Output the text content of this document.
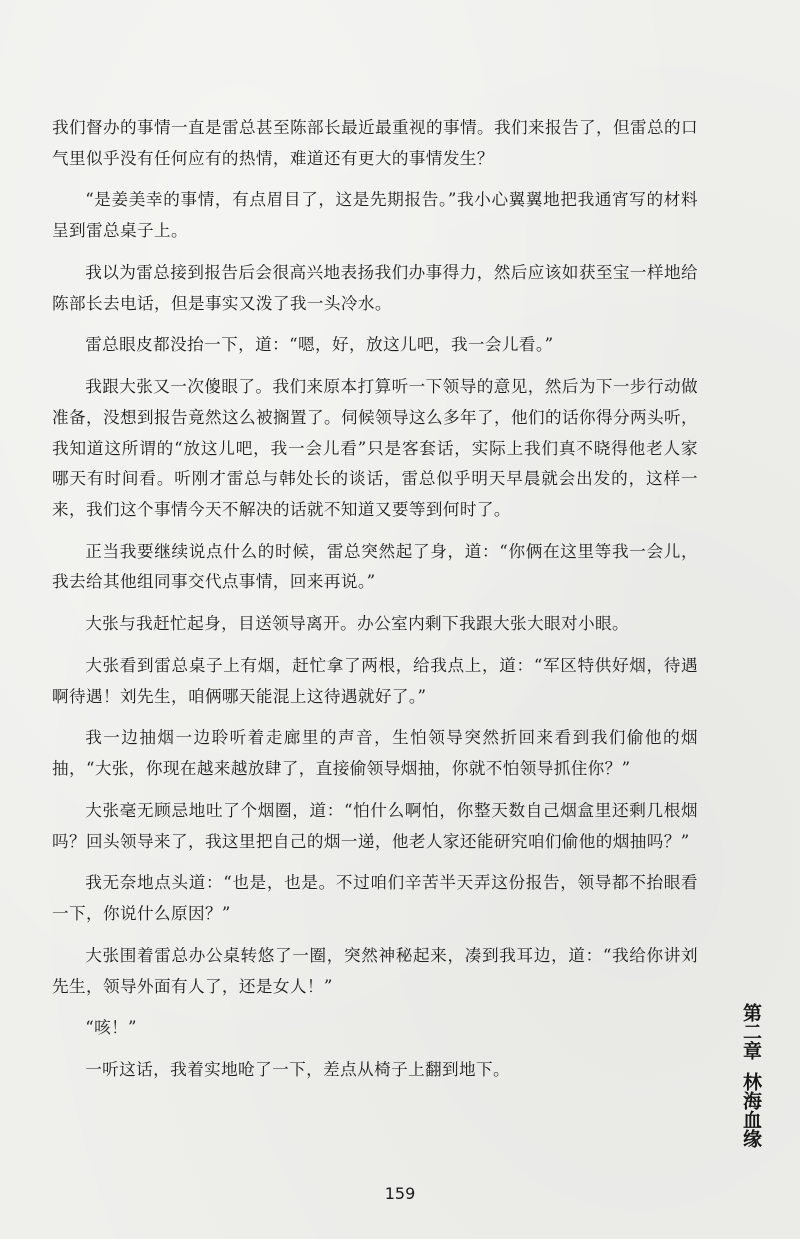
我们督办的事情一直是雷总甚至陈部长最近最重视的事情。我们来报告了，但雷总的口气里似乎没有任何应有的热情，难道还有更大的事情发生？

“是姜美幸的事情，有点眉目了，这是先期报告。”我小心翼翼地把我通宵写的材料呈到雷总桌子上。

我以为雷总接到报告后会很高兴地表扬我们办事得力，然后应该如获至宝一样地给陈部长去电话，但是事实又泼了我一头冷水。

雷总眼皮都没抬一下，道：“嗯，好，放这儿吧，我一会儿看。”

我跟大张又一次傻眼了。我们来原本打算听一下领导的意见，然后为下一步行动做准备，没想到报告竟然这么被搁置了。伺候领导这么多年了，他们的话你得分两头听，我知道这所谓的“放这儿吧，我一会儿看”只是客套话，实际上我们真不晓得他老人家哪天有时间看。听刚才雷总与韩处长的谈话，雷总似乎明天早晨就会出发的，这样一来，我们这个事情今天不解决的话就不知道又要等到何时了。

正当我要继续说点什么的时候，雷总突然起了身，道：“你俩在这里等我一会儿，我去给其他组同事交代点事情，回来再说。”

大张与我赶忙起身，目送领导离开。办公室内剩下我跟大张大眼对小眼。

大张看到雷总桌子上有烟，赶忙拿了两根，给我点上，道：“军区特供好烟，待遇啊待遇！刘先生，咱俩哪天能混上这待遇就好了。”

我一边抽烟一边聆听着走廊里的声音，生怕领导突然折回来看到我们偷他的烟抽，“大张，你现在越来越放肆了，直接偷领导烟抽，你就不怕领导抓住你？”

大张毫无顾忌地吐了个烟圈，道：“怕什么啊怕，你整天数自己烟盒里还剩几根烟吗？回头领导来了，我这里把自己的烟一递，他老人家还能研究咱们偷他的烟抽吗？”

我无奈地点头道：“也是，也是。不过咱们辛苦半天弄这份报告，领导都不抬眼看一下，你说什么原因？”

大张围着雷总办公桌转悠了一圈，突然神秘起来，凑到我耳边，道：“我给你讲刘先生，领导外面有人了，还是女人！”

“咳！”

一听这话，我着实地呛了一下，差点从椅子上翻到地下。

第二章林海血缘
159
